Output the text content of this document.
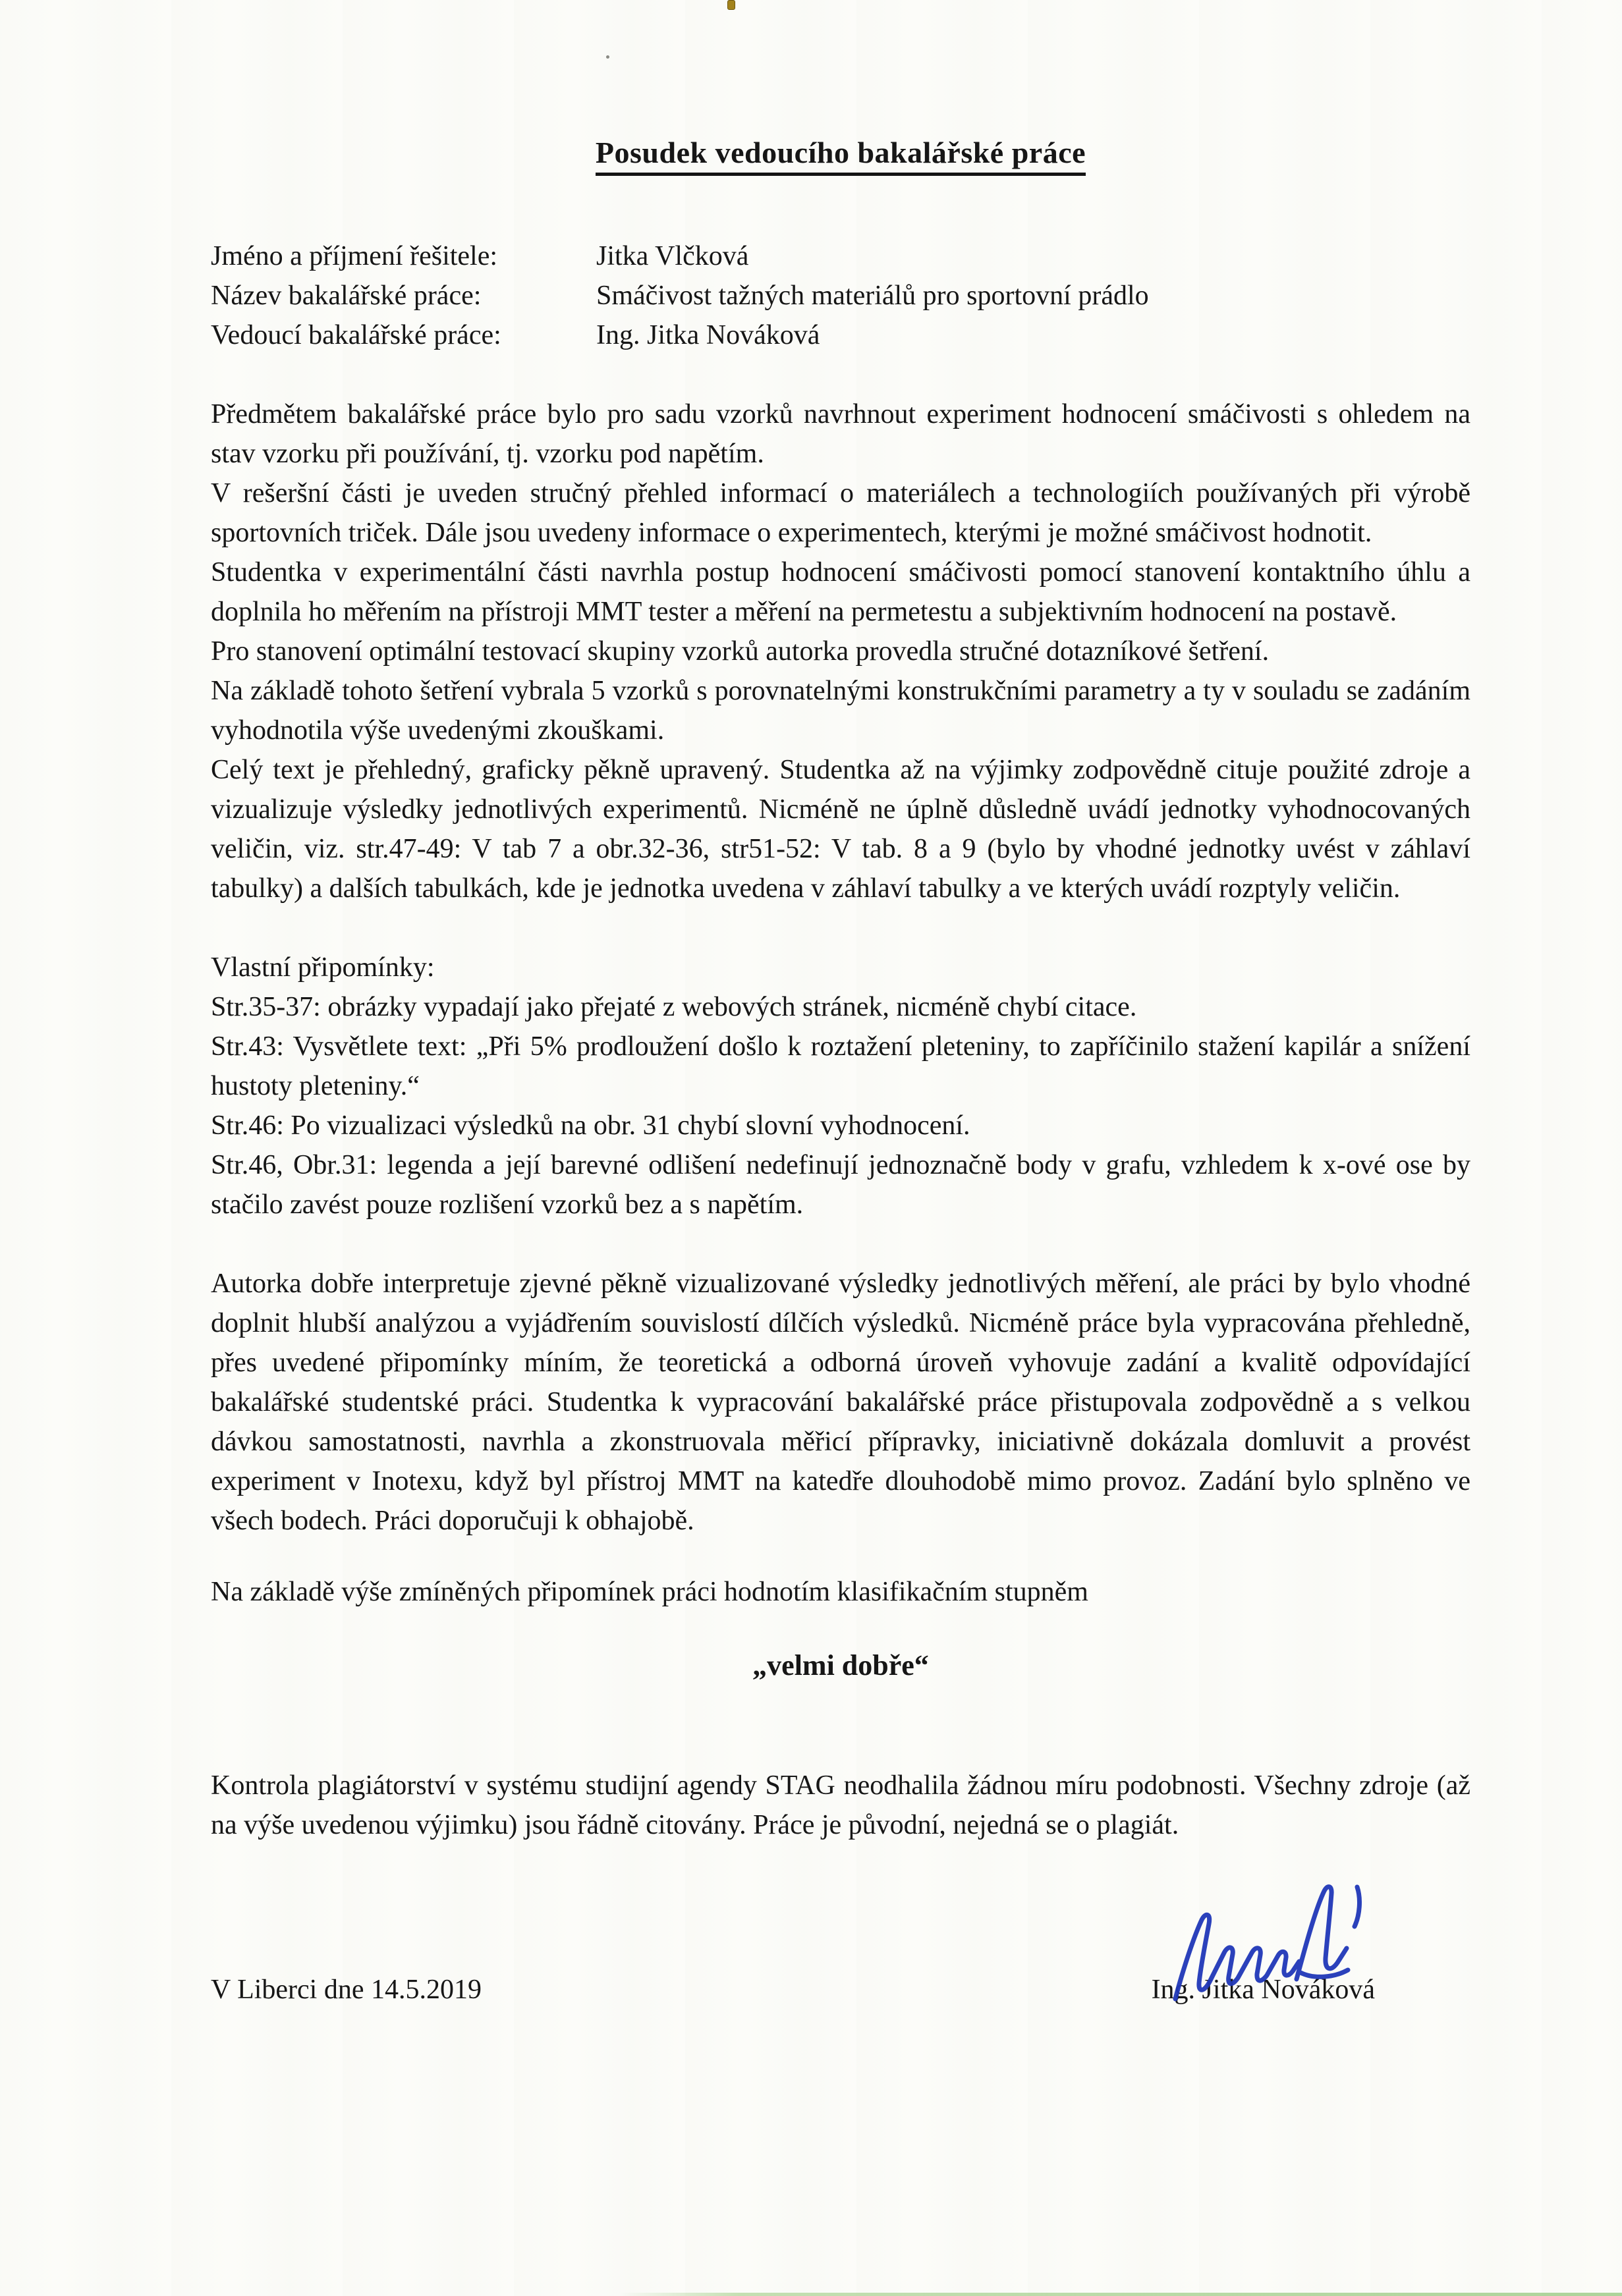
Posudek vedoucího bakalářské práce
Jméno a příjmení řešitele:	Jitka Vlčková
Název bakalářské práce:	Smáčivost tažných materiálů pro sportovní prádlo
Vedoucí bakalářské práce:	Ing. Jitka Nováková

Předmětem bakalářské práce bylo pro sadu vzorků navrhnout experiment hodnocení smáčivosti s ohledem na stav vzorku při používání, tj. vzorku pod napětím.

V rešeršní části je uveden stručný přehled informací o materiálech a technologiích používaných při výrobě sportovních triček. Dále jsou uvedeny informace o experimentech, kterými je možné smáčivost hodnotit.

Studentka v experimentální části navrhla postup hodnocení smáčivosti pomocí stanovení kontaktního úhlu a doplnila ho měřením na přístroji MMT tester a měření na permetestu a subjektivním hodnocení na postavě.

Pro stanovení optimální testovací skupiny vzorků autorka provedla stručné dotazníkové šetření.

Na základě tohoto šetření vybrala 5 vzorků s porovnatelnými konstrukčními parametry a ty v souladu se zadáním vyhodnotila výše uvedenými zkouškami.

Celý text je přehledný, graficky pěkně upravený. Studentka až na výjimky zodpovědně cituje použité zdroje a vizualizuje výsledky jednotlivých experimentů. Nicméně ne úplně důsledně uvádí jednotky vyhodnocovaných veličin, viz. str.47-49: V tab 7 a obr.32-36, str51-52: V tab. 8 a 9 (bylo by vhodné jednotky uvést v záhlaví tabulky) a dalších tabulkách, kde je jednotka uvedena v záhlaví tabulky a ve kterých uvádí rozptyly veličin.

Vlastní připomínky:

Str.35-37: obrázky vypadají jako přejaté z webových stránek, nicméně chybí citace.

Str.43: Vysvětlete text: „Při 5% prodloužení došlo k roztažení pleteniny, to zapříčinilo stažení kapilár a snížení hustoty pleteniny.“

Str.46: Po vizualizaci výsledků na obr. 31 chybí slovní vyhodnocení.

Str.46, Obr.31: legenda a její barevné odlišení nedefinují jednoznačně body v grafu, vzhledem k x-ové ose by stačilo zavést pouze rozlišení vzorků bez a s napětím.

Autorka dobře interpretuje zjevné pěkně vizualizované výsledky jednotlivých měření, ale práci by bylo vhodné doplnit hlubší analýzou a vyjádřením souvislostí dílčích výsledků. Nicméně práce byla vypracována přehledně, přes uvedené připomínky míním, že teoretická a odborná úroveň vyhovuje zadání a kvalitě odpovídající bakalářské studentské práci. Studentka k vypracování bakalářské práce přistupovala zodpovědně a s velkou dávkou samostatnosti, navrhla a zkonstruovala měřicí přípravky, iniciativně dokázala domluvit a provést experiment v Inotexu, když byl přístroj MMT na katedře dlouhodobě mimo provoz. Zadání bylo splněno ve všech bodech. Práci doporučuji k obhajobě.

Na základě výše zmíněných připomínek práci hodnotím klasifikačním stupněm
„velmi dobře“
Kontrola plagiátorství v systému studijní agendy STAG neodhalila žádnou míru podobnosti. Všechny zdroje (až na výše uvedenou výjimku) jsou řádně citovány. Práce je původní, nejedná se o plagiát.
V Liberci dne 14.5.2019	Ing. Jitka Nováková
